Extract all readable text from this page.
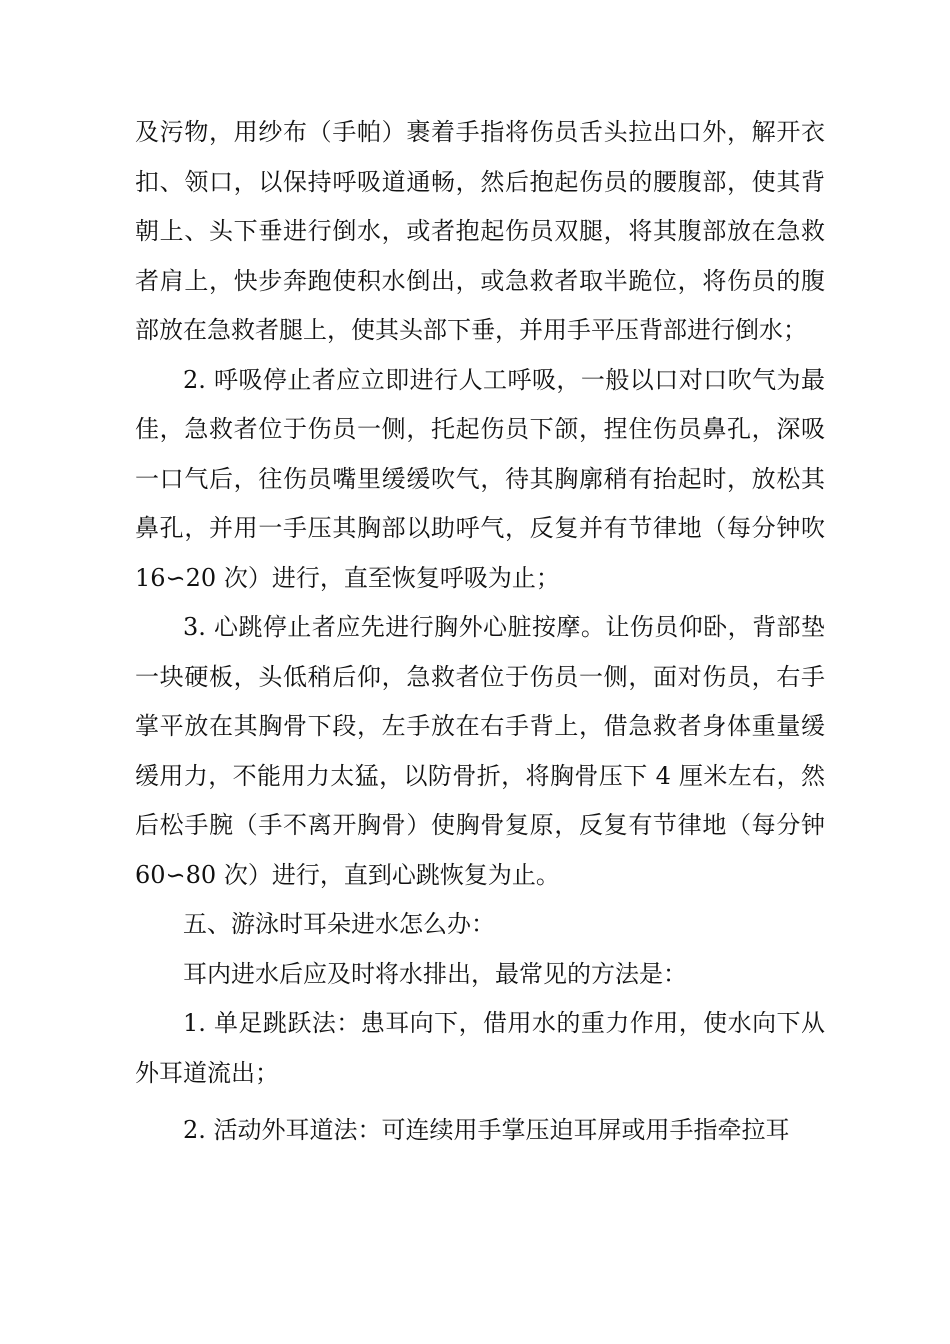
及污物，用纱布（手帕）裹着手指将伤员舌头拉出口外，解开衣扣、领口，以保持呼吸道通畅，然后抱起伤员的腰腹部，使其背朝上、头下垂进行倒水，或者抱起伤员双腿，将其腹部放在急救者肩上，快步奔跑使积水倒出，或急救者取半跪位，将伤员的腹部放在急救者腿上，使其头部下垂，并用手平压背部进行倒水；

2. 呼吸停止者应立即进行人工呼吸，一般以口对口吹气为最佳，急救者位于伤员一侧，托起伤员下颌，捏住伤员鼻孔，深吸一口气后，往伤员嘴里缓缓吹气，待其胸廓稍有抬起时，放松其鼻孔，并用一手压其胸部以助呼气，反复并有节律地（每分钟吹 16∽20 次）进行，直至恢复呼吸为止；

3. 心跳停止者应先进行胸外心脏按摩。让伤员仰卧，背部垫一块硬板，头低稍后仰，急救者位于伤员一侧，面对伤员，右手掌平放在其胸骨下段，左手放在右手背上，借急救者身体重量缓缓用力，不能用力太猛，以防骨折，将胸骨压下 4 厘米左右，然后松手腕（手不离开胸骨）使胸骨复原，反复有节律地（每分钟 60∽80 次）进行，直到心跳恢复为止。

五、游泳时耳朵进水怎么办：

耳内进水后应及时将水排出，最常见的方法是：

1. 单足跳跃法：患耳向下，借用水的重力作用，使水向下从外耳道流出；

2. 活动外耳道法：可连续用手掌压迫耳屏或用手指牵拉耳
